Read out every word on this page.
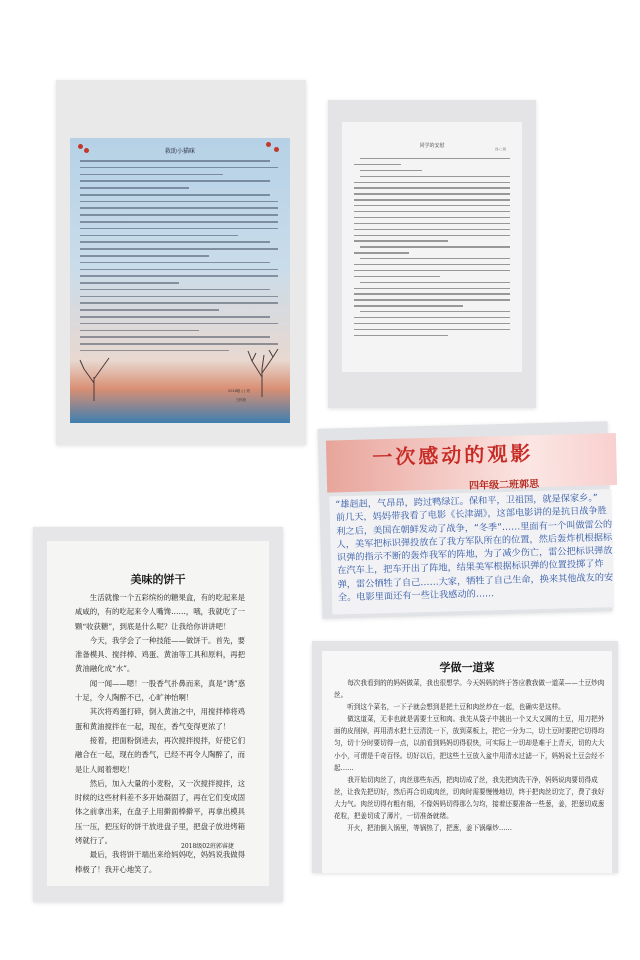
救助小猫咪
2018级 ( ) 班
王梓萱
同学的安慰	四•二班
一次感动的观影
四年级二班郭思
“雄赳赳，气昂昂，跨过鸭绿江。保和平，卫祖国，就是保家乡。”　　前几天，妈妈带我看了电影《长津湖》，这部电影讲的是抗日战争胜利之后，美国在朝鲜发动了战争，“冬季”……里面有一个叫做雷公的人，美军把标识弹投放在了我方军队所在的位置，然后轰炸机根据标识弹的指示不断的轰炸我军的阵地，为了减少伤亡，雷公把标识弹放在汽车上，把车开出了阵地，结果美军根据标识弹的位置投掷了炸弹，雷公牺牲了自己……大家，牺牲了自己生命，换来其他战友的安全。电影里面还有一些让我感动的……
美味的饼干

生活就像一个五彩缤纷的糖果盒，有的吃起来是咸咸的，有的吃起来令人嘴馋……，哦，我就吃了一颗“收获糖”，到底是什么呢？让我给你讲讲吧！

今天，我学会了一种技能——做饼干。首先，要准备模具、搅拌棒、鸡蛋、黄油等工具和原料，再把黄油融化成“水”。

闻一闻——嗯！一股香气扑鼻而来，真是“诱”惑十足，令人陶醉不已，心旷神怡啊！

其次将鸡蛋打碎，倒入黄油之中，用搅拌棒将鸡蛋和黄油搅拌在一起，现在，香气变得更浓了！

接着，把面粉倒进去，再次搅拌搅拌，好使它们融合在一起，现在的香气，已经不再令人陶醉了，而是让人闻着想吃！

然后，加入大量的小麦粉，又一次搅拌搅拌，这时候的这些材料差不多开始凝固了，再在它们变成固体之前拿出来，在盘子上用擀面棒擀平，再拿出模具压一压，把压好的饼干放进盘子里，把盘子放进烤箱烤就行了。

最后，我将饼干端出来给妈妈吃，妈妈说我做得棒极了！我开心地笑了。

2018级02班郭睿捷
学做一道菜

每次我看到的的妈妈做菜，我也很想学。今天妈妈的终于答应教我做一道菜——土豆炒肉丝。

听到这个菜名，一下子就会想到是把土豆和肉丝炒在一起，也确实是这样。

做这道菜，无非也就是需要土豆和肉。我先从袋子中挑出一个又大又圆的土豆，用刀把外面的皮削掉，再用清水把土豆清洗一下，放到菜板上，把它一分为二，切土豆时要把它切得均匀，切十分时要切得一点，以前看到妈妈切得很快，可实际上一切却是难于上青天，切的大大小小，可谓是千奇百怪。切好以后，把这些土豆放入盆中用清水过滤一下，妈妈说土豆会经不起……

我开始切肉丝了，肉丝那些东西，把肉切成了丝，我先把肉洗干净，妈妈说肉要切得成丝，让我先把切好，然后再合切成肉丝，切肉时需要慢慢地切，终于把肉丝切完了，费了我好大力气。肉丝切得有粗有细，不像妈妈切得那么匀均，接着还要准备一些葱，姜，把葱切成葱花粒，把姜切成了薄片，一切准备就绪。

开火，把油倒入锅里，等锅热了，把葱，姜下锅爆炒……
